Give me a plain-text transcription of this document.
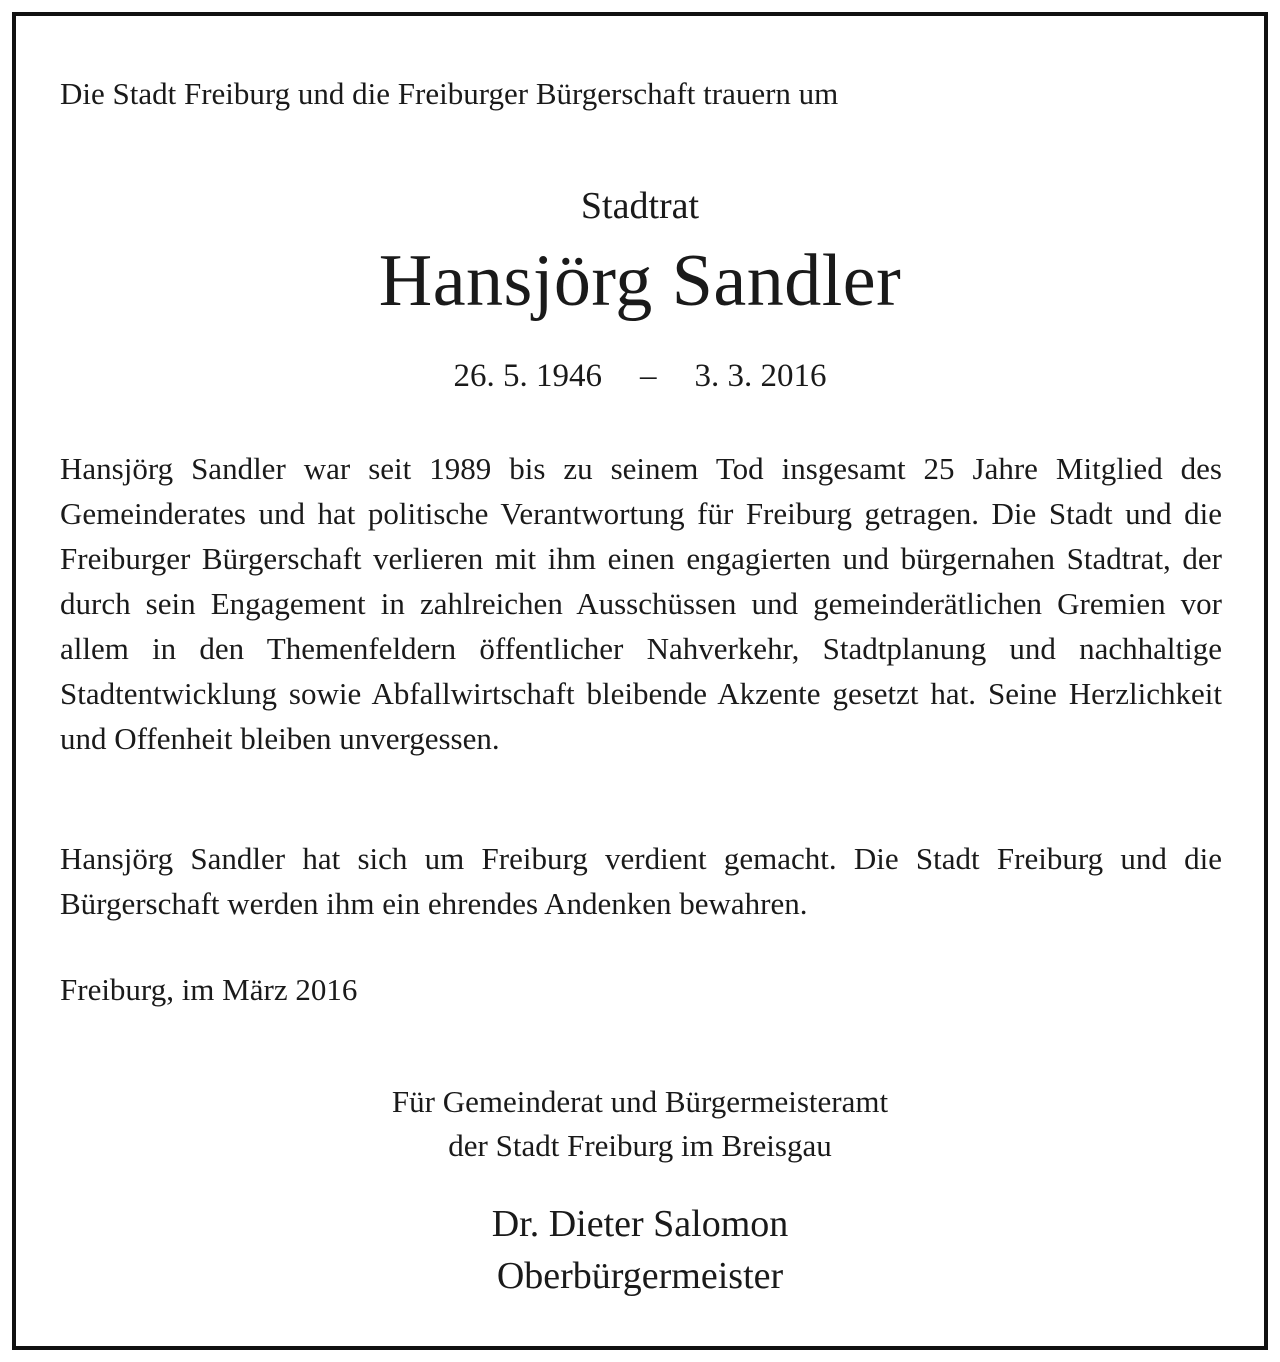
Die Stadt Freiburg und die Freiburger Bürgerschaft trauern um
Stadtrat
Hansjörg Sandler
26. 5. 1946 – 3. 3. 2016

Hansjörg Sandler war seit 1989 bis zu seinem Tod insgesamt 25 Jahre Mitglied des Gemeinderates und hat politische Verantwortung für Freiburg getragen. Die Stadt und die Freiburger Bürgerschaft verlieren mit ihm einen engagierten und bürgernahen Stadtrat, der durch sein Engagement in zahlreichen Ausschüssen und gemeinderätlichen Gremien vor allem in den Themenfeldern öffentlicher Nahverkehr, Stadtplanung und nachhaltige Stadtentwicklung sowie Abfallwirtschaft bleibende Akzente gesetzt hat. Seine Herzlichkeit und Offenheit bleiben unvergessen.

Hansjörg Sandler hat sich um Freiburg verdient gemacht. Die Stadt Freiburg und die Bürgerschaft werden ihm ein ehrendes Andenken bewahren.

Freiburg, im März 2016
Für Gemeinderat und Bürgermeisteramt
der Stadt Freiburg im Breisgau
Dr. Dieter Salomon
Oberbürgermeister
